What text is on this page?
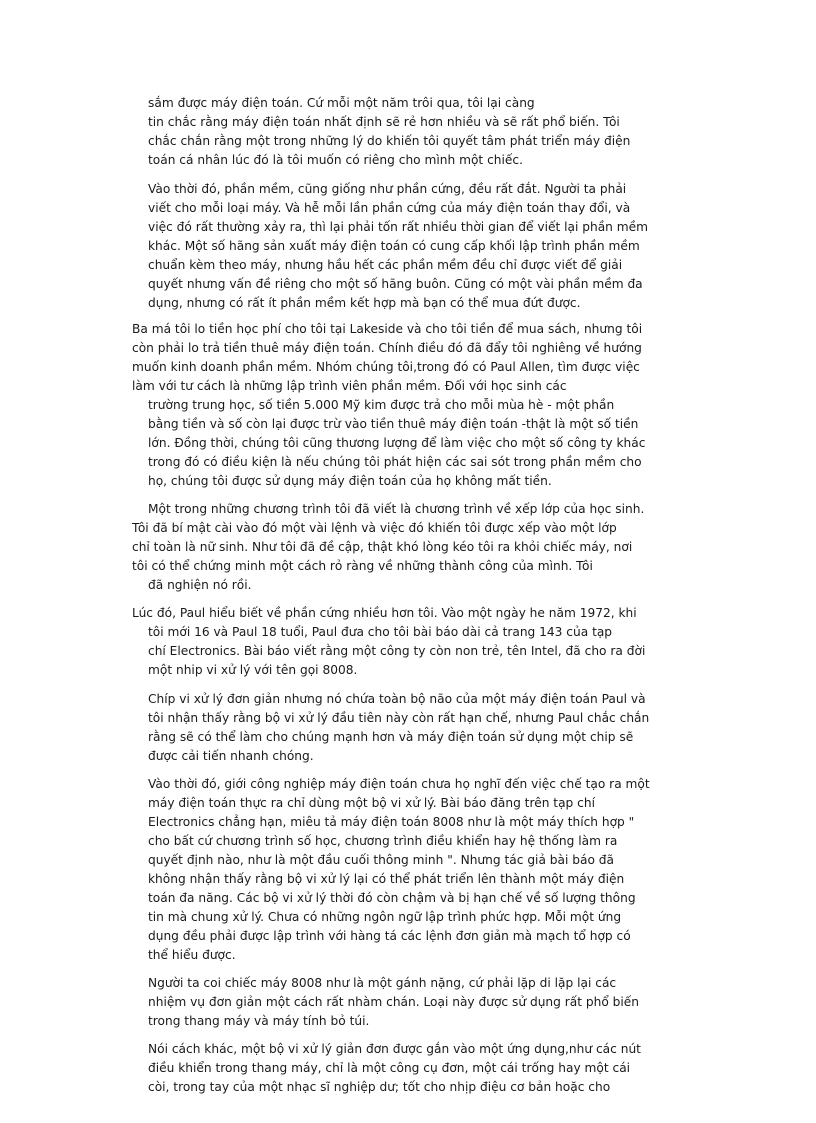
sắm được máy điện toán. Cứ mỗi một năm trôi qua, tôi lại càng
tin chắc rằng máy điện toán nhất định sẽ rẻ hơn nhiều và sẽ rất phổ biến. Tôi
chắc chắn rằng một trong những lý do khiến tôi quyết tâm phát triển máy điện
toán cá nhân lúc đó là tôi muốn có riêng cho mình một chiếc.
Vào thời đó, phần mềm, cũng giống như phần cứng, đều rất đắt. Người ta phải
viết cho mỗi loại máy. Và hễ mỗi lần phần cứng của máy điện toán thay đổi, và
việc đó rất thường xảy ra, thì lại phải tốn rất nhiều thời gian để viết lại phần mềm
khác. Một số hãng sản xuất máy điện toán có cung cấp khối lập trình phần mềm
chuẩn kèm theo máy, nhưng hầu hết các phần mềm đều chỉ được viết để giải
quyết nhưng vấn đề riêng cho một số hãng buôn. Cũng có một vài phần mềm đa
dụng, nhưng có rất ít phần mềm kết hợp mà bạn có thể mua đứt được.
Ba má tôi lo tiền học phí cho tôi tại Lakeside và cho tôi tiền để mua sách, nhưng tôi
còn phải lo trả tiền thuê máy điện toán. Chính điều đó đã đẩy tôi nghiêng về hướng
muốn kinh doanh phần mềm. Nhóm chúng tôi,trong đó có Paul Allen, tìm được việc
làm với tư cách là những lập trình viên phần mềm. Đối với học sinh các
trường trung học, số tiền 5.000 Mỹ kim được trả cho mỗi mùa hè - một phần
bằng tiền và số còn lại được trừ vào tiền thuê máy điện toán -thật là một số tiền
lớn. Đồng thời, chúng tôi cũng thương lượng để làm việc cho một số công ty khác
trong đó có điều kiện là nếu chúng tôi phát hiện các sai sót trong phần mềm cho
họ, chúng tôi được sử dụng máy điện toán của họ không mất tiền.
Một trong những chương trình tôi đã viết là chương trình về xếp lớp của học sinh.
Tôi đã bí mật cài vào đó một vài lệnh và việc đó khiến tôi được xếp vào một lớp
chỉ toàn là nữ sinh. Như tôi đã đề cập, thật khó lòng kéo tôi ra khỏi chiếc máy, nơi
tôi có thể chứng minh một cách rỏ ràng về những thành công của mình. Tôi
đã nghiện nó rồi.
Lúc đó, Paul hiểu biết về phần cứng nhiều hơn tôi. Vào một ngày he năm 1972, khi
tôi mới 16 và Paul 18 tuổi, Paul đưa cho tôi bài báo dài cả trang 143 của tạp
chí Electronics. Bài báo viết rằng một công ty còn non trẻ, tên Intel, đã cho ra đời
một nhip vi xử lý với tên gọi 8008.
Chíp vi xử lý đơn giản nhưng nó chứa toàn bộ não của một máy điện toán Paul và
tôi nhận thấy rằng bộ vi xử lý đầu tiên này còn rất hạn chế, nhưng Paul chắc chắn
rằng sẽ có thể làm cho chúng mạnh hơn và máy điện toán sử dụng một chip sẽ
được cải tiến nhanh chóng.
Vào thời đó, giới công nghiệp máy điện toán chưa họ nghĩ đến việc chế tạo ra một
máy điện toán thực ra chỉ dùng một bộ vi xử lý. Bài báo đăng trên tạp chí
Electronics chẳng hạn, miêu tả máy điện toán 8008 như là một máy thích hợp "
cho bất cứ chương trình số học, chương trình điều khiển hay hệ thống làm ra
quyết định nào, như là một đầu cuối thông minh ". Nhưng tác giả bài báo đã
không nhận thấy rằng bộ vi xử lý lại có thể phát triển lên thành một máy điện
toán đa năng. Các bộ vi xử lý thời đó còn chậm và bị hạn chế về số lượng thông
tin mà chung xử lý. Chưa có những ngôn ngữ lập trình phức hợp. Mỗi một ứng
dụng đều phải được lập trình với hàng tá các lệnh đơn giản mà mạch tổ hợp có
thể hiểu được.
Người ta coi chiếc máy 8008 như là một gánh nặng, cứ phải lặp di lặp lại các
nhiệm vụ đơn giản một cách rất nhàm chán. Loại này được sử dụng rất phổ biến
trong thang máy và máy tính bỏ túi.
Nói cách khác, một bộ vi xử lý giản đơn được gắn vào một ứng dụng,như các nút
điều khiển trong thang máy, chỉ là một công cụ đơn, một cái trống hay một cái
còi, trong tay của một nhạc sĩ nghiệp dư; tốt cho nhịp điệu cơ bản hoặc cho
